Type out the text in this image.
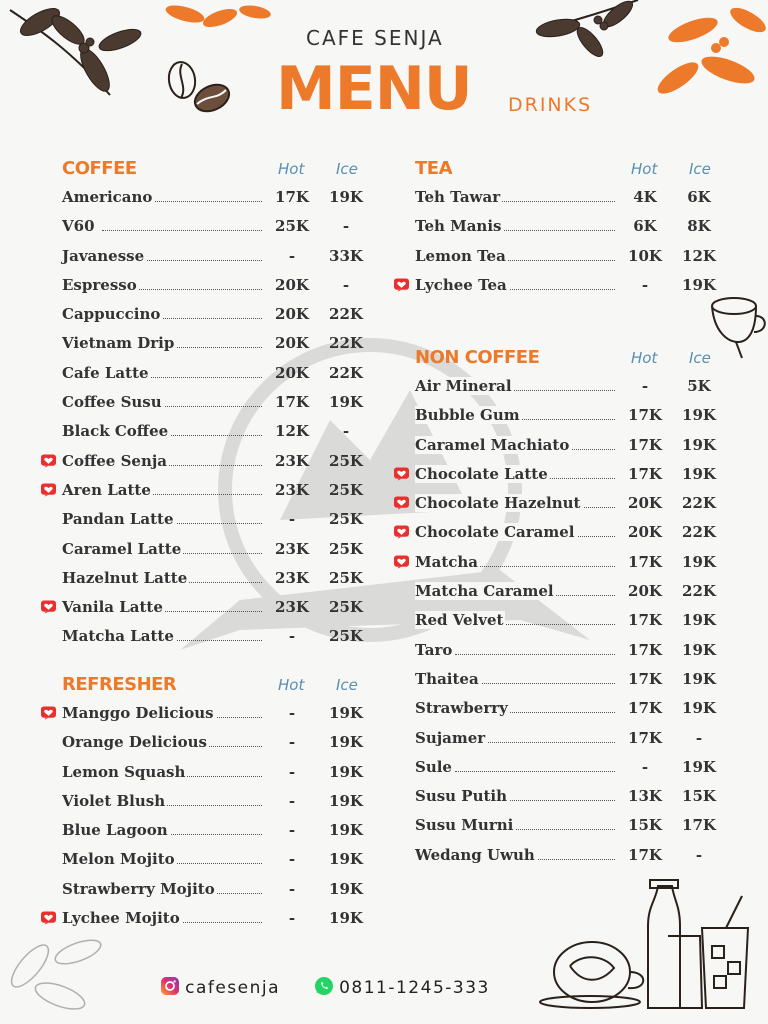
CAFE SENJA
MENU DRINKS
COFFEE	Hot Ice
Americano	17K	19K
V60	25K	-
Javanesse	-	33K
Espresso	20K	-
Cappuccino	20K	22K
Vietnam Drip	20K	22K
Cafe Latte	20K	22K
Coffee Susu	17K	19K
Black Coffee	12K	-
Coffee Senja	23K	25K
Aren Latte	23K	25K
Pandan Latte	-	25K
Caramel Latte	23K	25K
Hazelnut Latte	23K	25K
Vanila Latte	23K	25K
Matcha Latte	-	25K
REFRESHER	Hot Ice
Manggo Delicious	-	19K
Orange Delicious	-	19K
Lemon Squash	-	19K
Violet Blush	-	19K
Blue Lagoon	-	19K
Melon Mojito	-	19K
Strawberry Mojito	-	19K
Lychee Mojito	-	19K
TEA	Hot Ice
Teh Tawar	4K	6K
Teh Manis	6K	8K
Lemon Tea	10K	12K
Lychee Tea	-	19K
NON COFFEE	Hot Ice
Air Mineral	-	5K
Bubble Gum	17K	19K
Caramel Machiato	17K	19K
Chocolate Latte	17K	19K
Chocolate Hazelnut	20K	22K
Chocolate Caramel	20K	22K
Matcha	17K	19K
Matcha Caramel	20K	22K
Red Velvet	17K	19K
Taro	17K	19K
Thaitea	17K	19K
Strawberry	17K	19K
Sujamer	17K	-
Sule	-	19K
Susu Putih	13K	15K
Susu Murni	15K	17K
Wedang Uwuh	17K	-
cafesenja	0811-1245-333
